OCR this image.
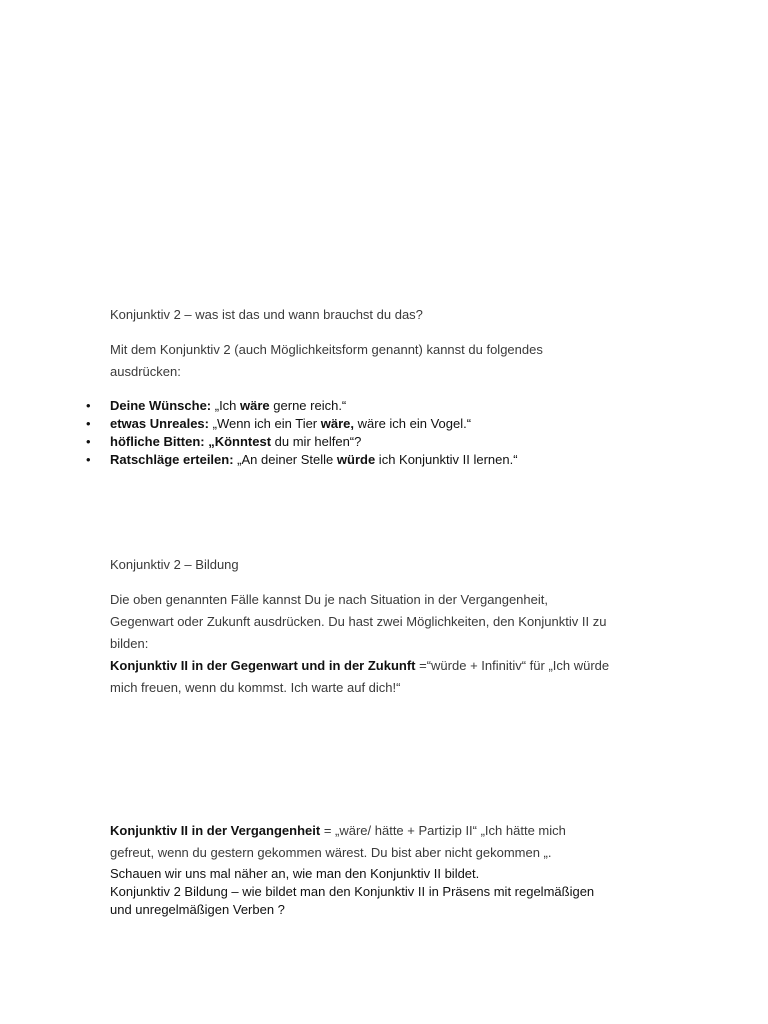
Konjunktiv 2 – was ist das und wann brauchst du das?
Mit dem Konjunktiv 2 (auch Möglichkeitsform genannt) kannst du folgendes
ausdrücken:
• Deine Wünsche: „Ich wäre gerne reich.“
• etwas Unreales: „Wenn ich ein Tier wäre, wäre ich ein Vogel.“
• höfliche Bitten: „Könntest du mir helfen“?
• Ratschläge erteilen: „An deiner Stelle würde ich Konjunktiv II lernen.“
Konjunktiv 2 – Bildung
Die oben genannten Fälle kannst Du je nach Situation in der Vergangenheit,
Gegenwart oder Zukunft ausdrücken. Du hast zwei Möglichkeiten, den Konjunktiv II zu
bilden:
Konjunktiv II in der Gegenwart und in der Zukunft =“würde + Infinitiv“ für „Ich würde
mich freuen, wenn du kommst. Ich warte auf dich!“
Konjunktiv II in der Vergangenheit = „wäre/ hätte + Partizip II“ „Ich hätte mich
gefreut, wenn du gestern gekommen wärest. Du bist aber nicht gekommen „.
Schauen wir uns mal näher an, wie man den Konjunktiv II bildet.
Konjunktiv 2 Bildung – wie bildet man den Konjunktiv II in Präsens mit regelmäßigen
und unregelmäßigen Verben ?
